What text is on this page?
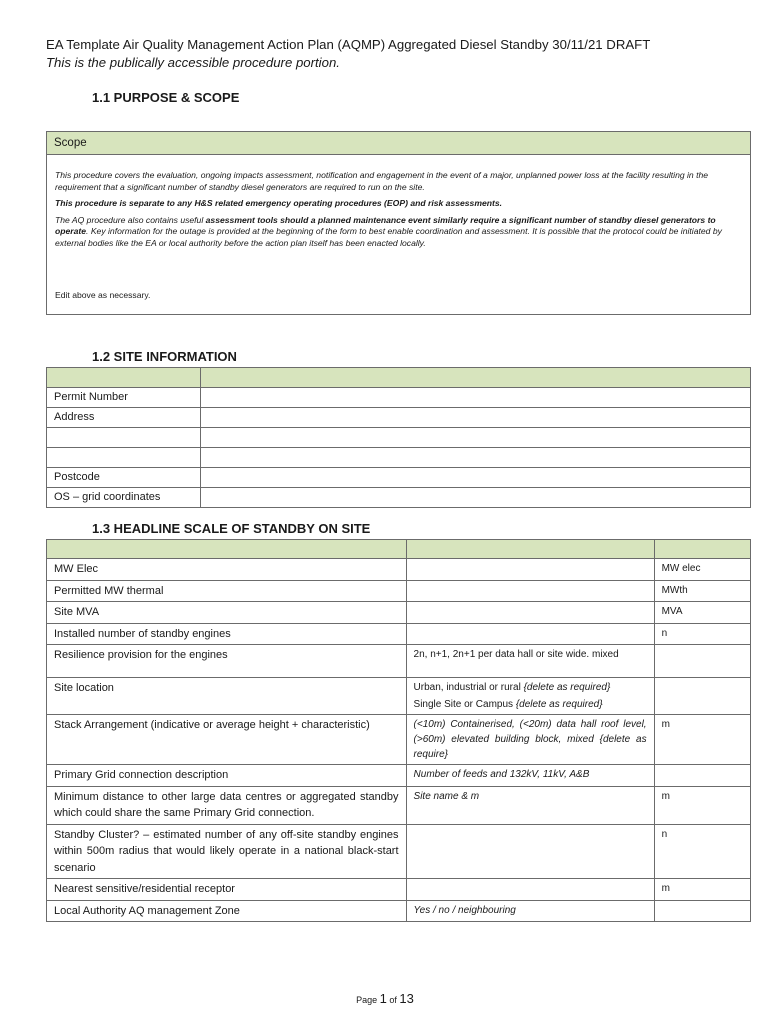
EA Template Air Quality Management Action Plan (AQMP) Aggregated Diesel Standby 30/11/21 DRAFT
This is the publically accessible procedure portion.
1.1 PURPOSE & SCOPE
Scope

This procedure covers the evaluation, ongoing impacts assessment, notification and engagement in the event of a major, unplanned power loss at the facility resulting in the requirement that a significant number of standby diesel generators are required to run on the site.

This procedure is separate to any H&S related emergency operating procedures (EOP) and risk assessments.

The AQ procedure also contains useful assessment tools should a planned maintenance event similarly require a significant number of standby diesel generators to operate. Key information for the outage is provided at the beginning of the form to best enable coordination and assessment. It is possible that the protocol could be initiated by external bodies like the EA or local authority before the action plan itself has been enacted locally.

Edit above as necessary.
1.2 SITE INFORMATION

Permit Number	
Address	

Postcode	
OS – grid coordinates	
1.3 HEADLINE SCALE OF STANDBY ON SITE

MW Elec		MW elec
Permitted MW thermal		MWth
Site MVA		MVA
Installed number of standby engines		n
Resilience provision for the engines	2n, n+1, 2n+1 per data hall or site wide. mixed	
Site location	Urban, industrial or rural {delete as required}
Single Site or Campus {delete as required}	

Stack Arrangement (indicative or average height + characteristic)	(<10m) Containerised, (<20m) data hall roof level, (>60m) elevated building block, mixed {delete as require}	m
Primary Grid connection description	Number of feeds and 132kV, 11kV, A&B	
Minimum distance to other large data centres or aggregated standby which could share the same Primary Grid connection.	Site name & m	m
Standby Cluster? – estimated number of any off-site standby engines within 500m radius that would likely operate in a national black-start scenario		n
Nearest sensitive/residential receptor		m
Local Authority AQ management Zone	Yes / no / neighbouring	
Page 1 of 13
